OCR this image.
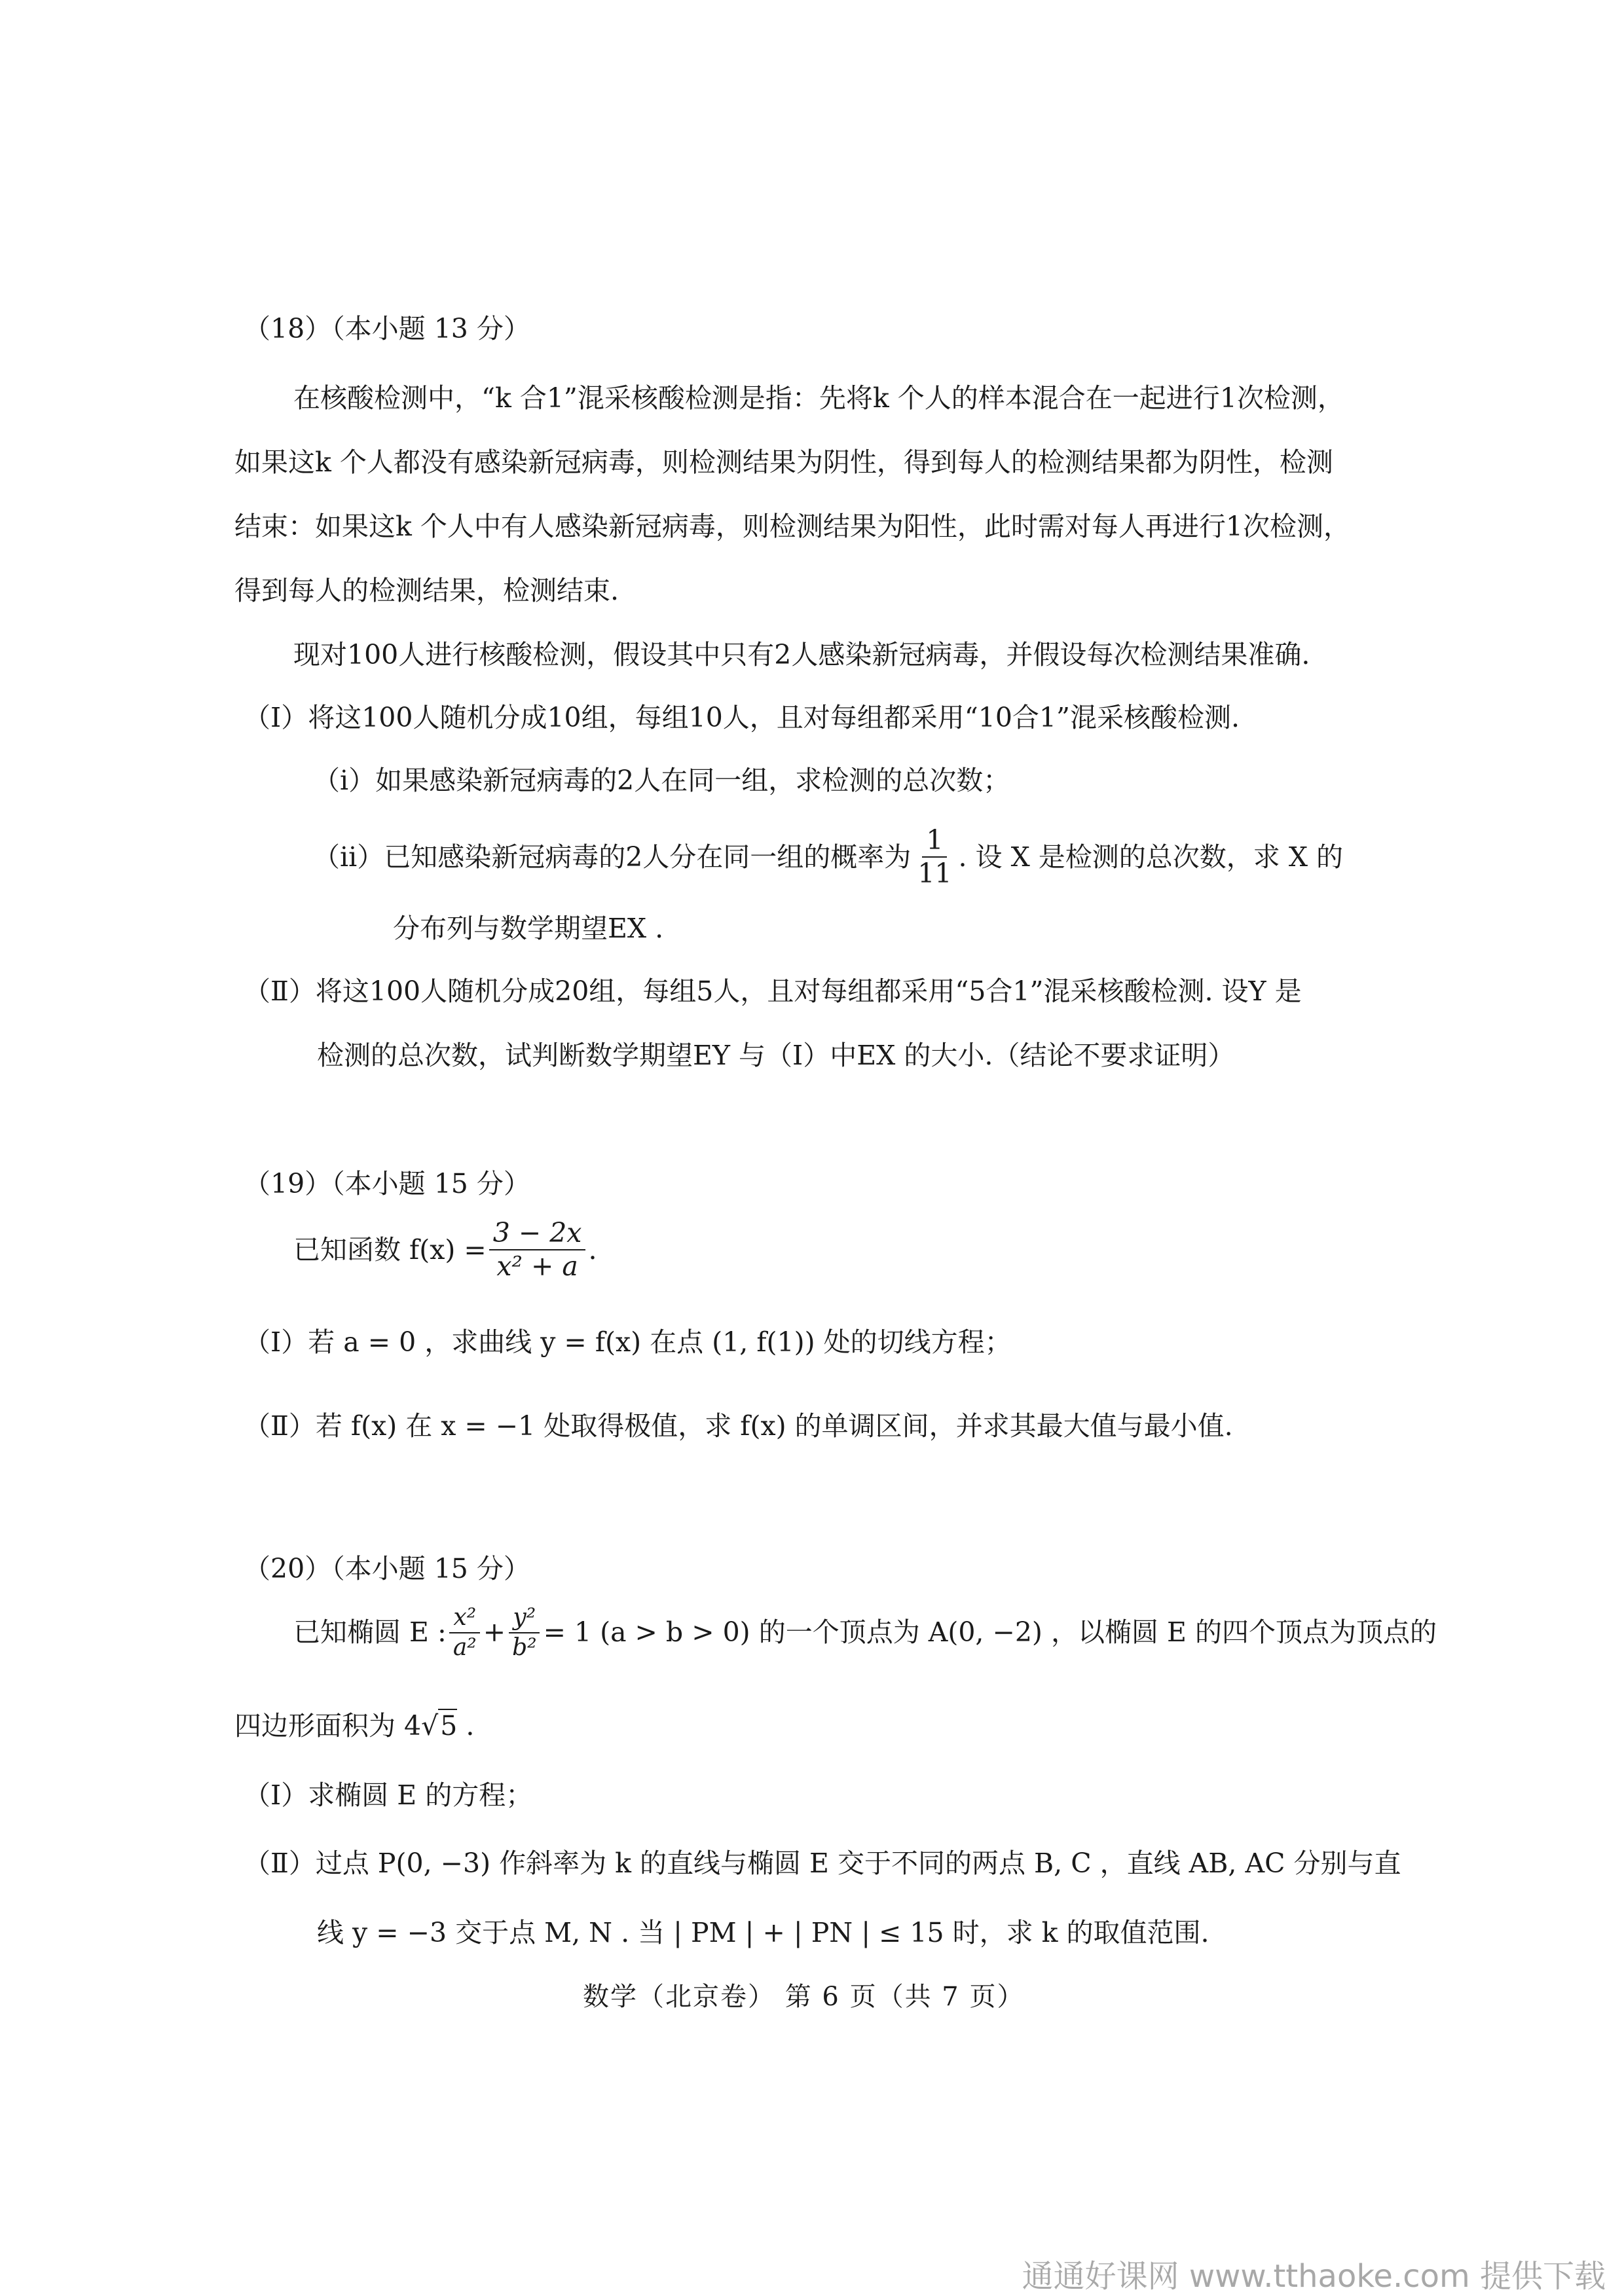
（18）（本小题 13 分）
在核酸检测中，“k 合1”混采核酸检测是指：先将k 个人的样本混合在一起进行1次检测，
如果这k 个人都没有感染新冠病毒，则检测结果为阴性，得到每人的检测结果都为阴性，检测
结束：如果这k 个人中有人感染新冠病毒，则检测结果为阳性，此时需对每人再进行1次检测，
得到每人的检测结果，检测结束.
现对100人进行核酸检测，假设其中只有2人感染新冠病毒，并假设每次检测结果准确.
（Ⅰ）将这100人随机分成10组，每组10人，且对每组都采用“10合1”混采核酸检测.
（ⅰ）如果感染新冠病毒的2人在同一组，求检测的总次数；
（ⅱ）已知感染新冠病毒的2人分在同一组的概率为 $\frac{1}{11}$ . 设 X 是检测的总次数，求 X 的
分布列与数学期望EX .
（Ⅱ）将这100人随机分成20组，每组5人，且对每组都采用“5合1”混采核酸检测. 设Y 是
检测的总次数，试判断数学期望EY 与（Ⅰ）中EX 的大小.（结论不要求证明）
（19）（本小题 15 分）
已知函数 $f(x) = \frac{3 - 2x}{\text{x² + a}}$ .
（Ⅰ）若 a = 0 ，求曲线 y = f(x) 在点 (1, f(1)) 处的切线方程；
（Ⅱ）若 f(x) 在 x = −1 处取得极值，求 f(x) 的单调区间，并求其最大值与最小值.
（20）（本小题 15 分）
已知椭圆 E : $\frac{\text{x²}}{\text{a²}} + \frac{\text{y²}}{\text{b²}} = 1$ (a > b > 0) 的一个顶点为 A(0, −2) ，以椭圆 E 的四个顶点为顶点的
四边形面积为 4√5 .
（Ⅰ）求椭圆 E 的方程；
（Ⅱ）过点 P(0, −3) 作斜率为 k 的直线与椭圆 E 交于不同的两点 B, C ，直线 AB, AC 分别与直
线 y = −3 交于点 M, N . 当 | PM | + | PN | ≤ 15 时，求 k 的取值范围.
数学（北京卷） 第 6 页（共 7 页）
通通好课网 www.tthaoke.com 提供下载
